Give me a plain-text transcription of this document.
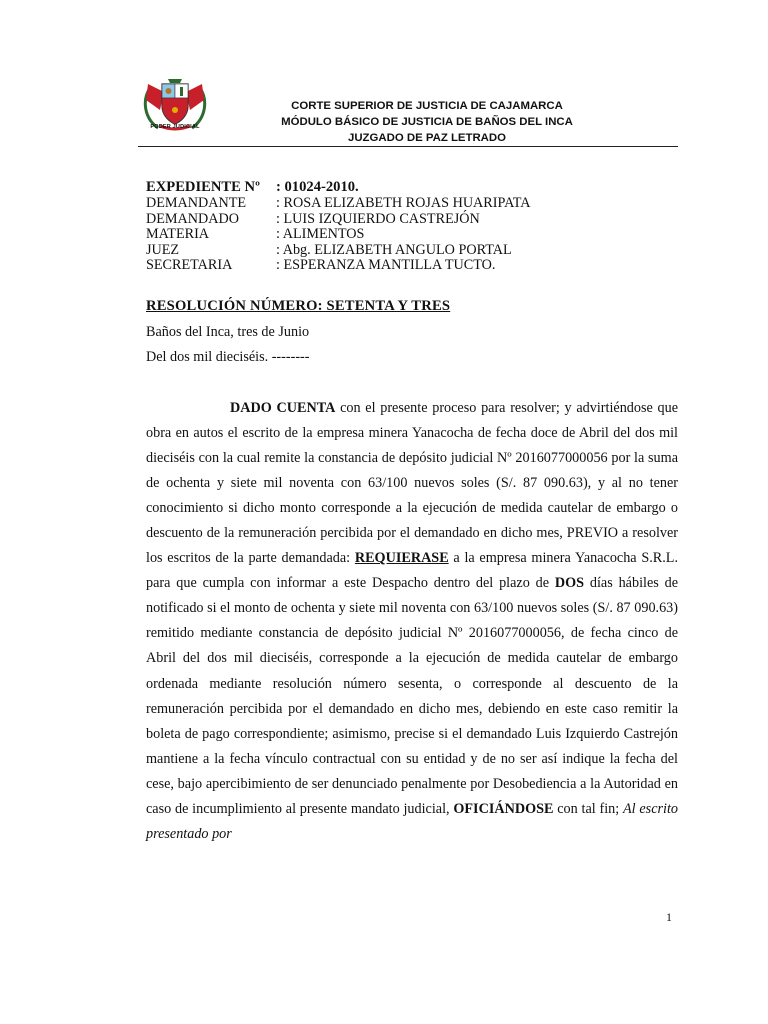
PODER JUDICIAL
CORTE SUPERIOR DE JUSTICIA DE CAJAMARCA
MÓDULO BÁSICO DE JUSTICIA DE BAÑOS DEL INCA
JUZGADO DE PAZ LETRADO
EXPEDIENTE Nº	: 01024-2010.
DEMANDANTE	: ROSA ELIZABETH ROJAS HUARIPATA
DEMANDADO	: LUIS IZQUIERDO CASTREJÓN
MATERIA	: ALIMENTOS
JUEZ	: Abg. ELIZABETH ANGULO PORTAL
SECRETARIA	: ESPERANZA MANTILLA TUCTO.
RESOLUCIÓN NÚMERO: SETENTA Y TRES
Baños del Inca, tres de Junio
Del dos mil dieciséis. --------

DADO CUENTA con el presente proceso para resolver; y advirtiéndose que obra en autos el escrito de la empresa minera Yanacocha de fecha doce de Abril del dos mil dieciséis con la cual remite la constancia de depósito judicial Nº 2016077000056 por la suma de ochenta y siete mil noventa con 63/100 nuevos soles (S/. 87 090.63), y al no tener conocimiento si dicho monto corresponde a la ejecución de medida cautelar de embargo o descuento de la remuneración percibida por el demandado en dicho mes, PREVIO a resolver los escritos de la parte demandada: REQUIERASE a la empresa minera Yanacocha S.R.L. para que cumpla con informar a este Despacho dentro del plazo de DOS días hábiles de notificado si el monto de ochenta y siete mil noventa con 63/100 nuevos soles (S/. 87 090.63) remitido mediante constancia de depósito judicial Nº 2016077000056, de fecha cinco de Abril del dos mil dieciséis, corresponde a la ejecución de medida cautelar de embargo ordenada mediante resolución número sesenta, o corresponde al descuento de la remuneración percibida por el demandado en dicho mes, debiendo en este caso remitir la boleta de pago correspondiente; asimismo, precise si el demandado Luis Izquierdo Castrejón mantiene a la fecha vínculo contractual con su entidad y de no ser así indique la fecha del cese, bajo apercibimiento de ser denunciado penalmente por Desobediencia a la Autoridad en caso de incumplimiento al presente mandato judicial, OFICIÁNDOSE con tal fin; Al escrito presentado por

1
